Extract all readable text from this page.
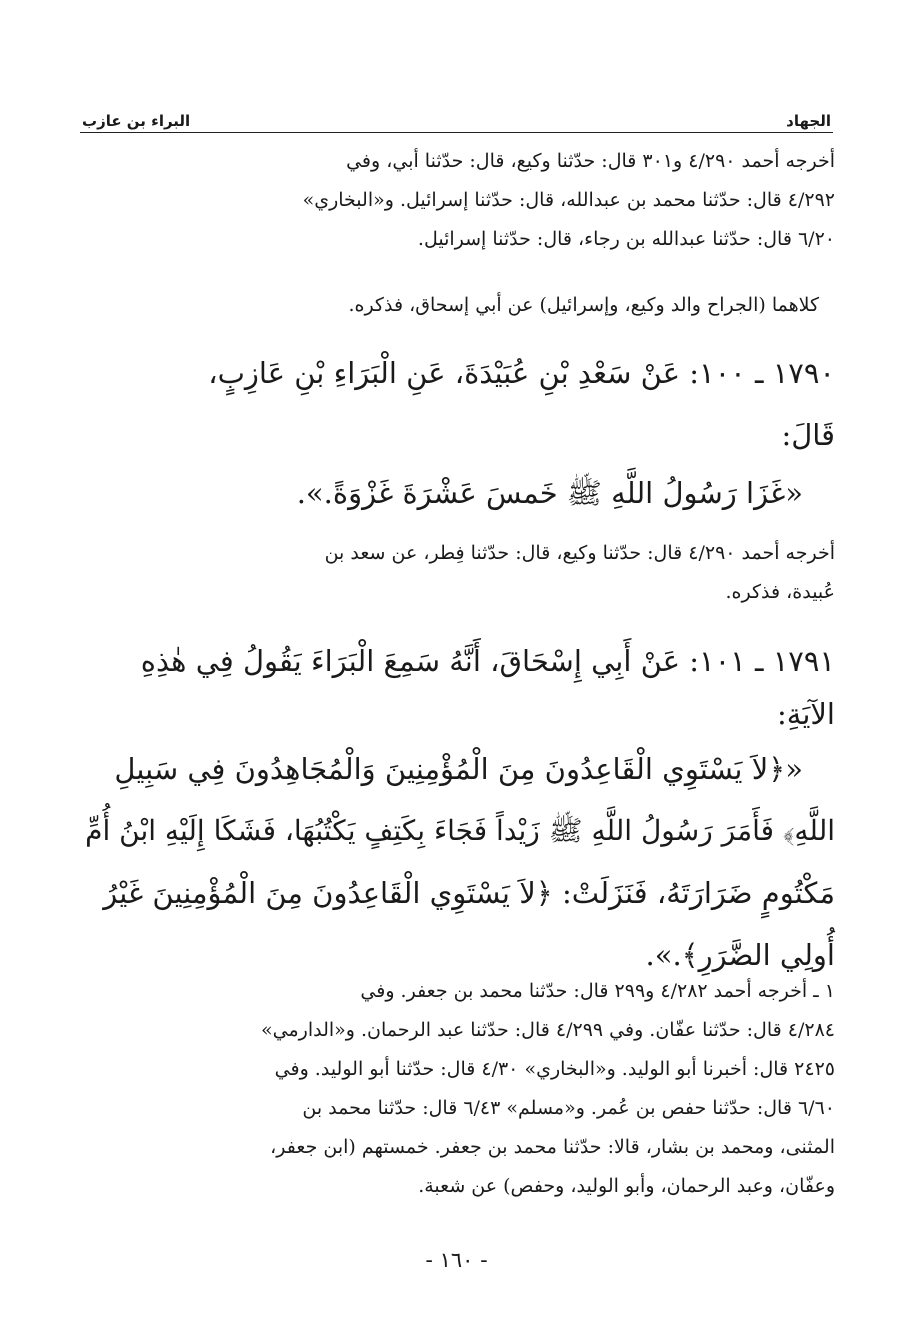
الجهاد
البراء بن عازب
أخرجه أحمد ٤/٢٩٠ و٣٠١ قال: حدّثنا وكيع، قال: حدّثنا أبي، وفي
٤/٢٩٢ قال: حدّثنا محمد بن عبدالله، قال: حدّثنا إسرائيل. و«البخاري»
٦/٢٠ قال: حدّثنا عبدالله بن رجاء، قال: حدّثنا إسرائيل.
كلاهما (الجراح والد وكيع، وإسرائيل) عن أبي إسحاق، فذكره.
١٧٩٠ ـ ١٠٠: عَنْ سَعْدِ بْنِ عُبَيْدَةَ، عَنِ الْبَرَاءِ بْنِ عَازِبٍ،
قَالَ:
«غَزَا رَسُولُ اللَّهِ ﷺ خَمسَ عَشْرَةَ غَزْوَةً.».
أخرجه أحمد ٤/٢٩٠ قال: حدّثنا وكيع، قال: حدّثنا فِطر، عن سعد بن
عُبيدة، فذكره.
١٧٩١ ـ ١٠١: عَنْ أَبِي إِسْحَاقَ، أَنَّهُ سَمِعَ الْبَرَاءَ يَقُولُ فِي هٰذِهِ
الآيَةِ:
«﴿لاَ يَسْتَوِي الْقَاعِدُونَ مِنَ الْمُؤْمِنِينَ وَالْمُجَاهِدُونَ فِي سَبِيلِ
اللَّهِ﴾ فَأَمَرَ رَسُولُ اللَّهِ ﷺ زَيْداً فَجَاءَ بِكَتِفٍ يَكْتُبُهَا، فَشَكَا إِلَيْهِ ابْنُ أُمِّ
مَكْتُومٍ ضَرَارَتَهُ، فَنَزَلَتْ: ﴿لاَ يَسْتَوِي الْقَاعِدُونَ مِنَ الْمُؤْمِنِينَ غَيْرُ
أُولِي الضَّرَرِ﴾.».
١ ـ أخرجه أحمد ٤/٢٨٢ و٢٩٩ قال: حدّثنا محمد بن جعفر. وفي
٤/٢٨٤ قال: حدّثنا عفّان. وفي ٤/٢٩٩ قال: حدّثنا عبد الرحمان. و«الدارمي»
٢٤٢٥ قال: أخبرنا أبو الوليد. و«البخاري» ٤/٣٠ قال: حدّثنا أبو الوليد. وفي
٦/٦٠ قال: حدّثنا حفص بن عُمر. و«مسلم» ٦/٤٣ قال: حدّثنا محمد بن
المثنى، ومحمد بن بشار، قالا: حدّثنا محمد بن جعفر. خمستهم (ابن جعفر،
وعفّان، وعبد الرحمان، وأبو الوليد، وحفص) عن شعبة.
- ١٦٠ -
